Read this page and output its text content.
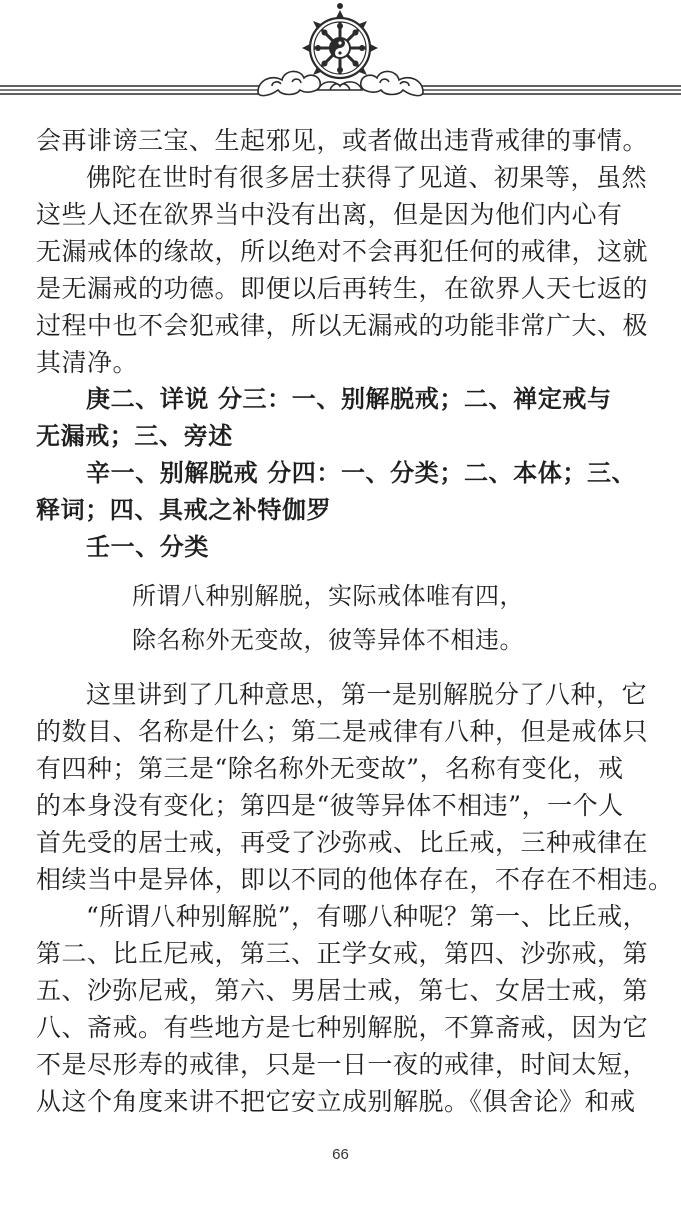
会再诽谤三宝、生起邪见，或者做出违背戒律的事情。
佛陀在世时有很多居士获得了见道、初果等，虽然
这些人还在欲界当中没有出离，但是因为他们内心有
无漏戒体的缘故，所以绝对不会再犯任何的戒律，这就
是无漏戒的功德。即便以后再转生，在欲界人天七返的
过程中也不会犯戒律，所以无漏戒的功能非常广大、极
其清净。
庚二、详说 分三：一、别解脱戒；二、禅定戒与
无漏戒；三、旁述
辛一、别解脱戒 分四：一、分类；二、本体；三、
释词；四、具戒之补特伽罗
壬一、分类
所谓八种别解脱，实际戒体唯有四，
除名称外无变故，彼等异体不相违。
这里讲到了几种意思，第一是别解脱分了八种，它
的数目、名称是什么；第二是戒律有八种，但是戒体只
有四种；第三是“除名称外无变故”，名称有变化，戒
的本身没有变化；第四是“彼等异体不相违”，一个人
首先受的居士戒，再受了沙弥戒、比丘戒，三种戒律在
相续当中是异体，即以不同的他体存在，不存在不相违。
“所谓八种别解脱”，有哪八种呢？第一、比丘戒，
第二、比丘尼戒，第三、正学女戒，第四、沙弥戒，第
五、沙弥尼戒，第六、男居士戒，第七、女居士戒，第
八、斋戒。有些地方是七种别解脱，不算斋戒，因为它
不是尽形寿的戒律，只是一日一夜的戒律，时间太短，
从这个角度来讲不把它安立成别解脱。《俱舍论》和戒
66
